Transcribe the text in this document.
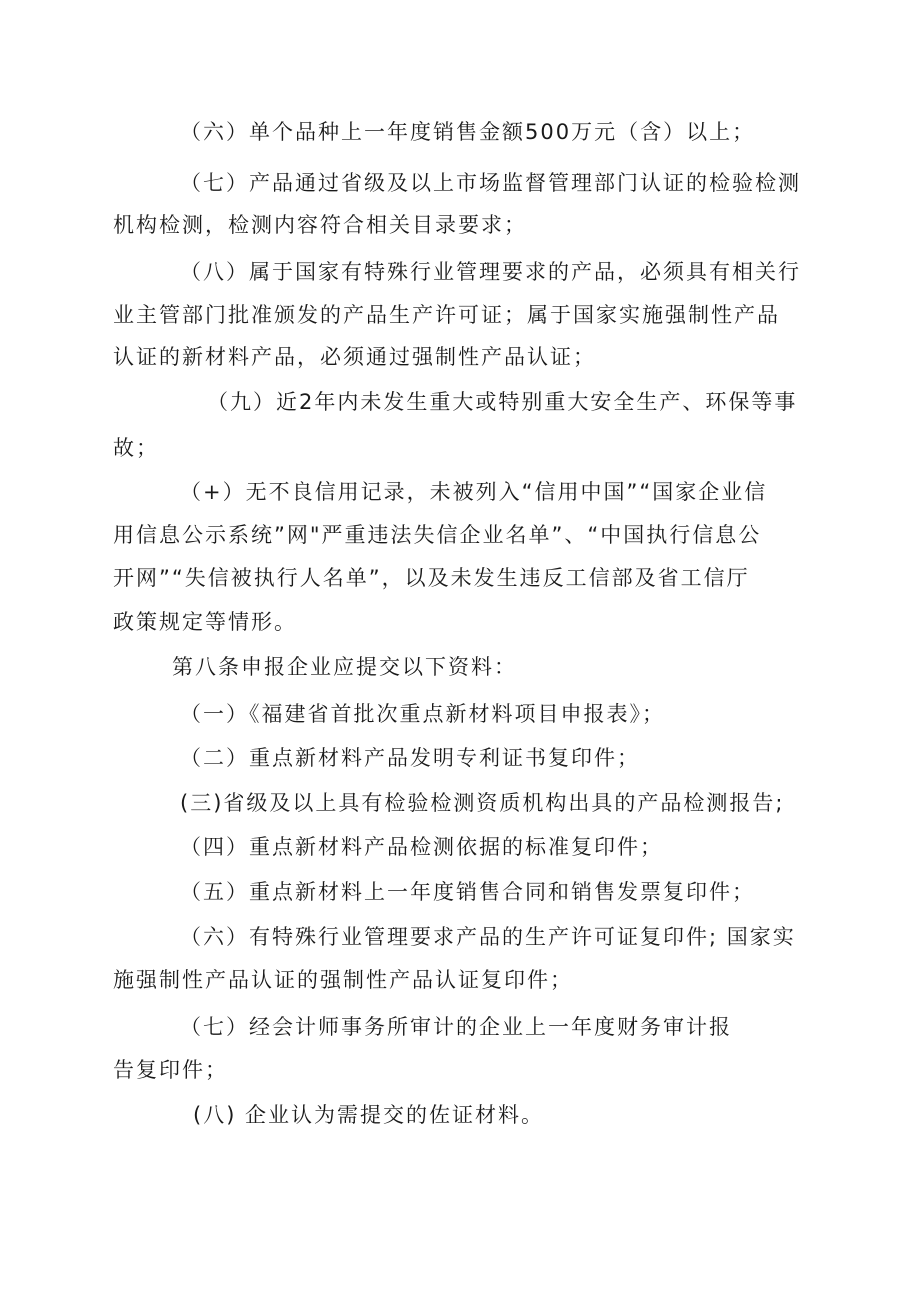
（六）单个品种上一年度销售金额500万元（含）以上；
（七）产品通过省级及以上市场监督管理部门认证的检验检测
机构检测，检测内容符合相关目录要求；
（八）属于国家有特殊行业管理要求的产品，必须具有相关行
业主管部门批准颁发的产品生产许可证；属于国家实施强制性产品
认证的新材料产品，必须通过强制性产品认证；
（九）近2年内未发生重大或特别重大安全生产、环保等事
故；
（+）无不良信用记录，未被列入“信用中国”“国家企业信
用信息公示系统”网"严重违法失信企业名单”、“中国执行信息公
开网”“失信被执行人名单”，以及未发生违反工信部及省工信厅
政策规定等情形。
第八条申报企业应提交以下资料：
（一）《福建省首批次重点新材料项目申报表》；
（二）重点新材料产品发明专利证书复印件；
(三)省级及以上具有检验检测资质机构出具的产品检测报告;
（四）重点新材料产品检测依据的标准复印件；
（五）重点新材料上一年度销售合同和销售发票复印件；
（六）有特殊行业管理要求产品的生产许可证复印件; 国家实
施强制性产品认证的强制性产品认证复印件；
（七）经会计师事务所审计的企业上一年度财务审计报
告复印件；
(八) 企业认为需提交的佐证材料。
